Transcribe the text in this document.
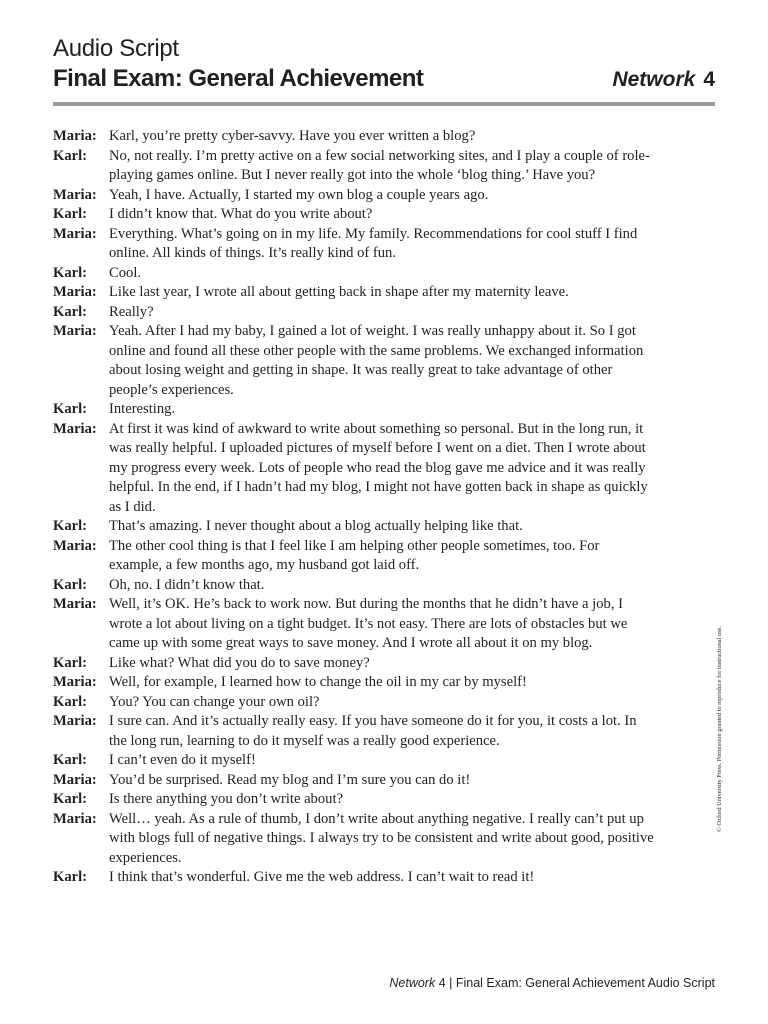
Audio Script
Final Exam: General Achievement	Network 4
Maria: Karl, you’re pretty cyber-savvy. Have you ever written a blog?
Karl:	No, not really. I’m pretty active on a few social networking sites, and I play a couple of role-
playing games online. But I never really got into the whole ‘blog thing.’ Have you?
Maria: Yeah, I have. Actually, I started my own blog a couple years ago.
Karl:	I didn’t know that. What do you write about?
Maria: Everything. What’s going on in my life. My family. Recommendations for cool stuff I find
online. All kinds of things. It’s really kind of fun.
Karl:	Cool.
Maria: Like last year, I wrote all about getting back in shape after my maternity leave.
Karl:	Really?
Maria: Yeah. After I had my baby, I gained a lot of weight. I was really unhappy about it. So I got
online and found all these other people with the same problems. We exchanged information
about losing weight and getting in shape. It was really great to take advantage of other
people’s experiences.
Karl:	Interesting.
Maria: At first it was kind of awkward to write about something so personal. But in the long run, it
was really helpful. I uploaded pictures of myself before I went on a diet. Then I wrote about
my progress every week. Lots of people who read the blog gave me advice and it was really
helpful. In the end, if I hadn’t had my blog, I might not have gotten back in shape as quickly
as I did.
Karl:	That’s amazing. I never thought about a blog actually helping like that.
Maria: The other cool thing is that I feel like I am helping other people sometimes, too. For
example, a few months ago, my husband got laid off.
Karl:	Oh, no. I didn’t know that.
Maria: Well, it’s OK. He’s back to work now. But during the months that he didn’t have a job, I
wrote a lot about living on a tight budget. It’s not easy. There are lots of obstacles but we
came up with some great ways to save money. And I wrote all about it on my blog.
Karl:	Like what? What did you do to save money?
Maria: Well, for example, I learned how to change the oil in my car by myself!
Karl:	You? You can change your own oil?
Maria: I sure can. And it’s actually really easy. If you have someone do it for you, it costs a lot. In
the long run, learning to do it myself was a really good experience.
Karl:	I can’t even do it myself!
Maria: You’d be surprised. Read my blog and I’m sure you can do it!
Karl:	Is there anything you don’t write about?
Maria: Well… yeah. As a rule of thumb, I don’t write about anything negative. I really can’t put up
with blogs full of negative things. I always try to be consistent and write about good, positive
experiences.
Karl:	I think that’s wonderful. Give me the web address. I can’t wait to read it!
© Oxford University Press. Permission granted to reproduce for instructional use.
Network 4 | Final Exam: General Achievement Audio Script
